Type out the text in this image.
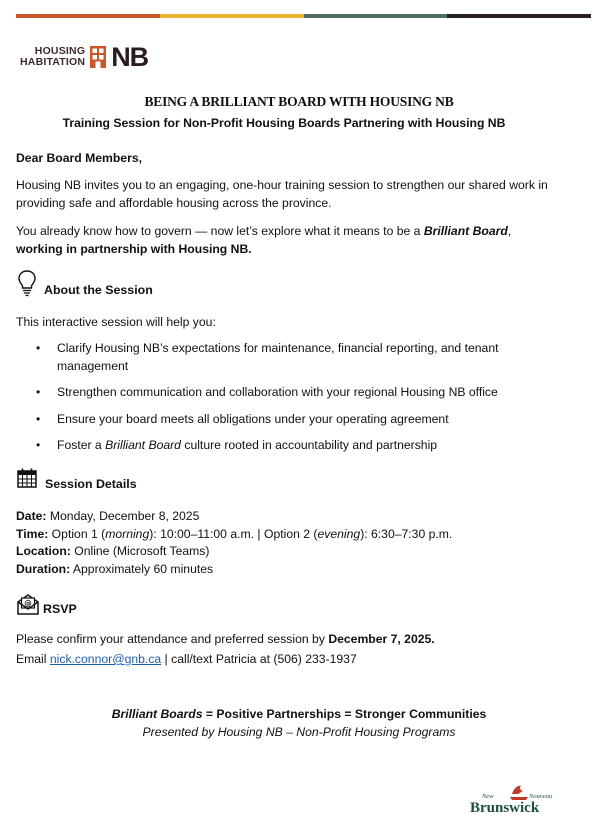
HOUSING
HABITATION NB
BEING A BRILLIANT BOARD WITH HOUSING NB
Training Session for Non-Profit Housing Boards Partnering with Housing NB

Dear Board Members,

Housing NB invites you to an engaging, one-hour training session to strengthen our shared work in providing safe and affordable housing across the province.

You already know how to govern — now let’s explore what it means to be a Brilliant Board, working in partnership with Housing NB.

About the Session

This interactive session will help you:

• Clarify Housing NB’s expectations for maintenance, financial reporting, and tenant management
• Strengthen communication and collaboration with your regional Housing NB office
• Ensure your board meets all obligations under your operating agreement
• Foster a Brilliant Board culture rooted in accountability and partnership
Session Details

Date: Monday, December 8, 2025

Time: Option 1 (morning): 10:00–11:00 a.m. | Option 2 (evening): 6:30–7:30 p.m.

Location: Online (Microsoft Teams)

Duration: Approximately 60 minutes

@ RSVP

Please confirm your attendance and preferred session by December 7, 2025.

Email nick.connor@gnb.ca | call/text Patricia at (506) 233-1937

Brilliant Boards = Positive Partnerships = Stronger Communities
Presented by Housing NB – Non-Profit Housing Programs
New	Nouveau
Brunswick
